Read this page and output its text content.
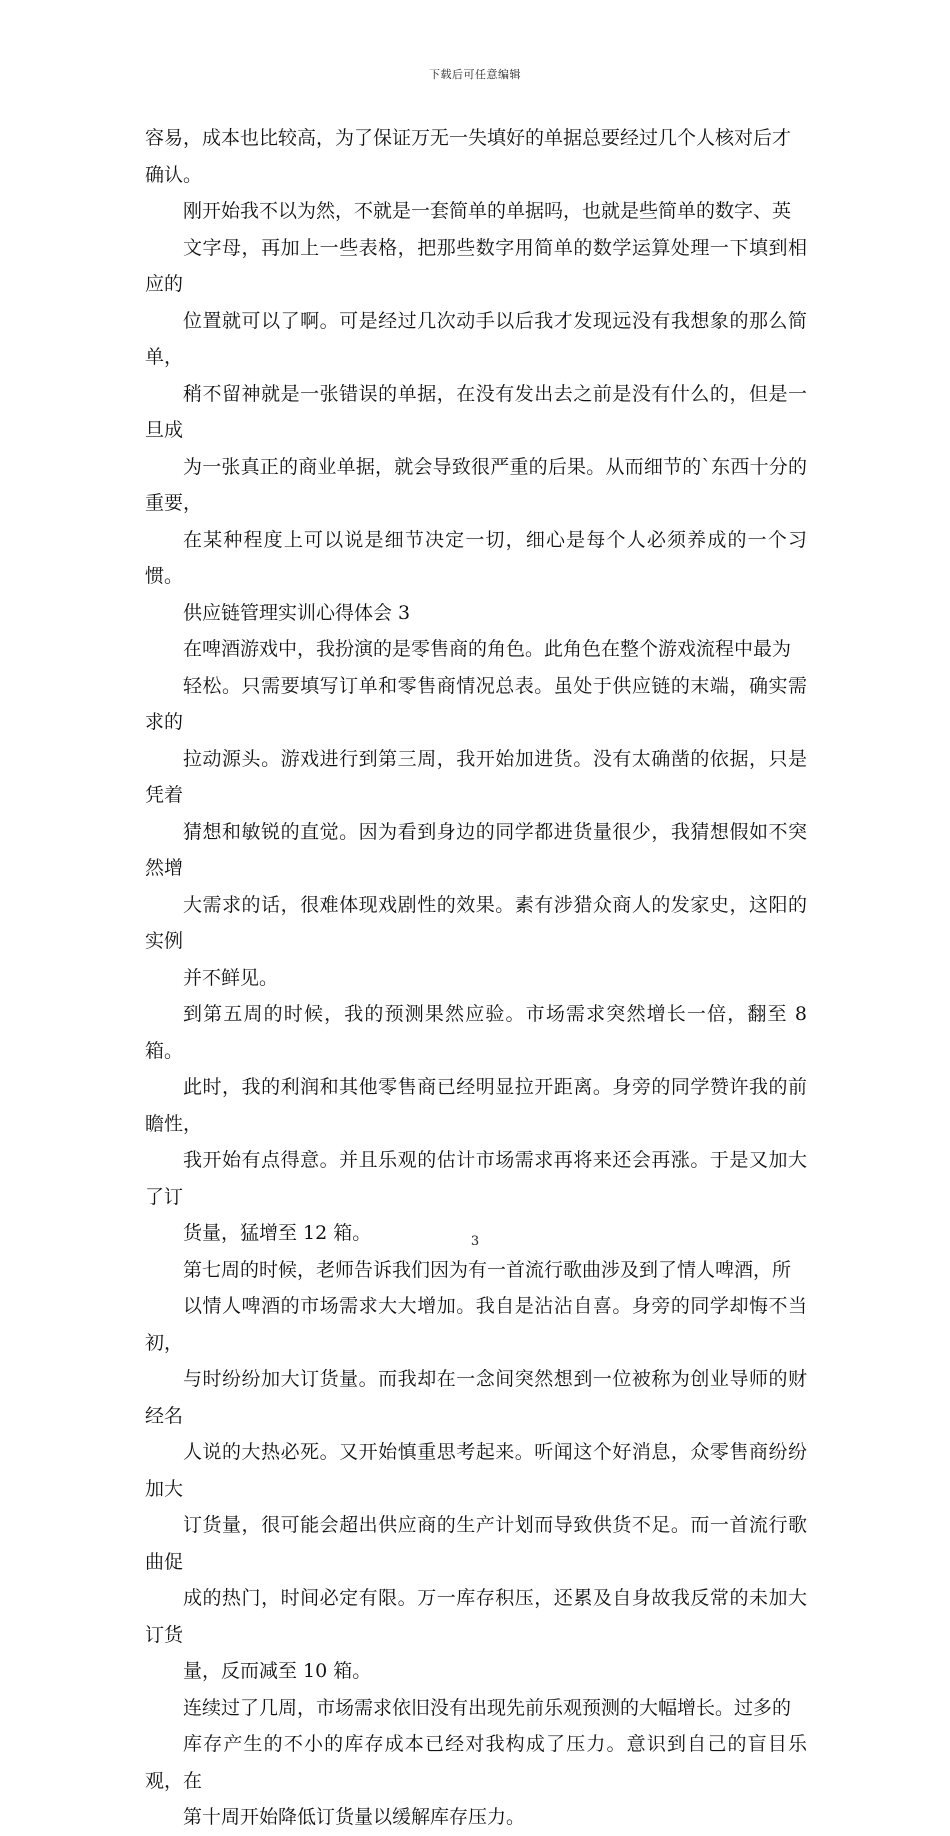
下载后可任意编辑
容易，成本也比较高，为了保证万无一失填好的单据总要经过几个人核对后才
确认。
刚开始我不以为然，不就是一套简单的单据吗，也就是些简单的数字、英
文字母，再加上一些表格，把那些数字用简单的数学运算处理一下填到相应的
位置就可以了啊。可是经过几次动手以后我才发现远没有我想象的那么简单，
稍不留神就是一张错误的单据，在没有发出去之前是没有什么的，但是一旦成
为一张真正的商业单据，就会导致很严重的后果。从而细节的`东西十分的重要，
在某种程度上可以说是细节决定一切，细心是每个人必须养成的一个习惯。
供应链管理实训心得体会 3
在啤酒游戏中，我扮演的是零售商的角色。此角色在整个游戏流程中最为
轻松。只需要填写订单和零售商情况总表。虽处于供应链的末端，确实需求的
拉动源头。游戏进行到第三周，我开始加进货。没有太确凿的依据，只是凭着
猜想和敏锐的直觉。因为看到身边的同学都进货量很少，我猜想假如不突然增
大需求的话，很难体现戏剧性的效果。素有涉猎众商人的发家史，这阳的实例
并不鲜见。
到第五周的时候，我的预测果然应验。市场需求突然增长一倍，翻至 8 箱。
此时，我的利润和其他零售商已经明显拉开距离。身旁的同学赞许我的前瞻性，
我开始有点得意。并且乐观的估计市场需求再将来还会再涨。于是又加大了订
货量，猛增至 12 箱。
第七周的时候，老师告诉我们因为有一首流行歌曲涉及到了情人啤酒，所
以情人啤酒的市场需求大大增加。我自是沾沾自喜。身旁的同学却悔不当初，
与时纷纷加大订货量。而我却在一念间突然想到一位被称为创业导师的财经名
人说的大热必死。又开始慎重思考起来。听闻这个好消息，众零售商纷纷加大
订货量，很可能会超出供应商的生产计划而导致供货不足。而一首流行歌曲促
成的热门，时间必定有限。万一库存积压，还累及自身故我反常的未加大订货
量，反而减至 10 箱。
连续过了几周，市场需求依旧没有出现先前乐观预测的大幅增长。过多的
库存产生的不小的库存成本已经对我构成了压力。意识到自己的盲目乐观，在
第十周开始降低订货量以缓解库存压力。
3
